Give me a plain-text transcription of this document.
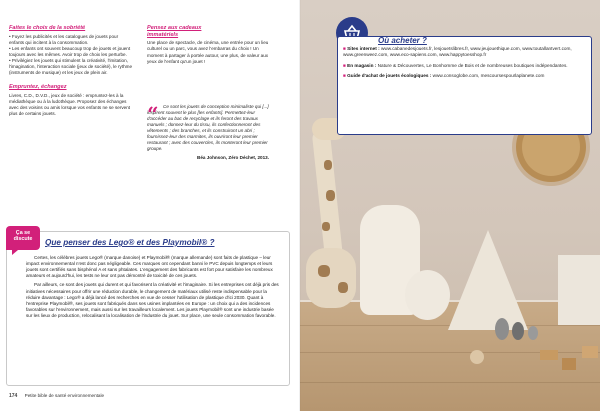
Faites le choix de la sobriété
• Fuyez les publicités et les catalogues de jouets pour enfants qui incitent à la consommation.
• Les enfants ont souvent beaucoup trop de jouets et jouent toujours avec les mêmes. Avoir trop de choix les perturbe.
• Privilégiez les jouets qui stimulent la créativité, l'imitation, l'imagination, l'interaction sociale (jeux de société), le rythme (instruments de musique) et les jeux de plein air.
Empruntez, échangez

Livres, C.D., D.V.D., jeux de société : empruntez-les à la médiathèque ou à la ludothèque. Proposez des échanges avec des voisins ou amis lorsque vos enfants ne se servent plus de certains jouets.

Pensez aux cadeaux immatériels

Une place de spectacle, de cinéma, une entrée pour un lieu culturel ou un parc, vous avez l'embarras du choix ! Un moment à partager à portée autour, une plus, de valeur aux yeux de l'enfant qu'un jouet !

“ Ce sont les jouets de conception minimaliste qui [...] inspirent souvent le plus [les enfants]. Permettez-leur d'accéder au bac de recyclage et ils feront des travaux manuels ; donnez-leur du tissu, ils confectionneront des vêtements ; des branches, et ils construiront un abri ; fournissez-leur des marmites, ils ouvriront leur premier restaurant ; avec des couvercles, ils monteront leur premier groupe.

Béa Johnson, Zéro Déchet, 2013.
Ça se discute	Que penser des Lego® et des Playmobil® ?

Certes, les célèbres jouets Lego® (marque danoise) et Playmobil® (marque allemande) sont faits de plastique – leur impact environnemental n'est donc pas négligeable. Ces marques ont cependant banni le PVC depuis longtemps et leurs jouets sont certifiés sans bisphénol A et sans phtalates. L'engagement des fabricants est fort pour satisfaire les nombreux amateurs et aujourd'hui, les tests ne leur ont pas démontré de toxicité de ces jouets.

Par ailleurs, ce sont des jouets qui durent et qui favorisent la créativité et l'imaginaire. Si les entreprises ont déjà pris des initiatives nécessaires pour offrir une réduction durable, le changement de matériaux utilisé reste indispensable pour la réduire davantage : Lego® a déjà lancé des recherches en vue de cesser l'utilisation de plastique d'ici 2030. Quant à l'entreprise Playmobil®, ses jouets sont fabriqués dans ses usines implantées en Europe : un choix qui a des incidences favorables sur l'environnement, mais aussi sur les travailleurs localement. Les jouets Playmobil® sont une industrie basée sur les lieux de production, relocalisant la localisation de l'industrie du jouet. Sur place, une seule consommation favorable.

174 Petite bible de santé environnementale
Où acheter ?

■ Sites internet : www.cabanedesjouets.fr, lesjouetslibres.fr, www.jeujouethique.com, www.toutallantvert.com, www.greenweez.com, www.eco-sapiens.com, www.happytoesshop.fr

■ En magasin : Nature & Découvertes, Le Bonhomme de Bois et de nombreuses boutiques indépendantes.

■ Guide d'achat de jouets écologiques : www.consoglobe.com, mescoursespourlaplanete.com
